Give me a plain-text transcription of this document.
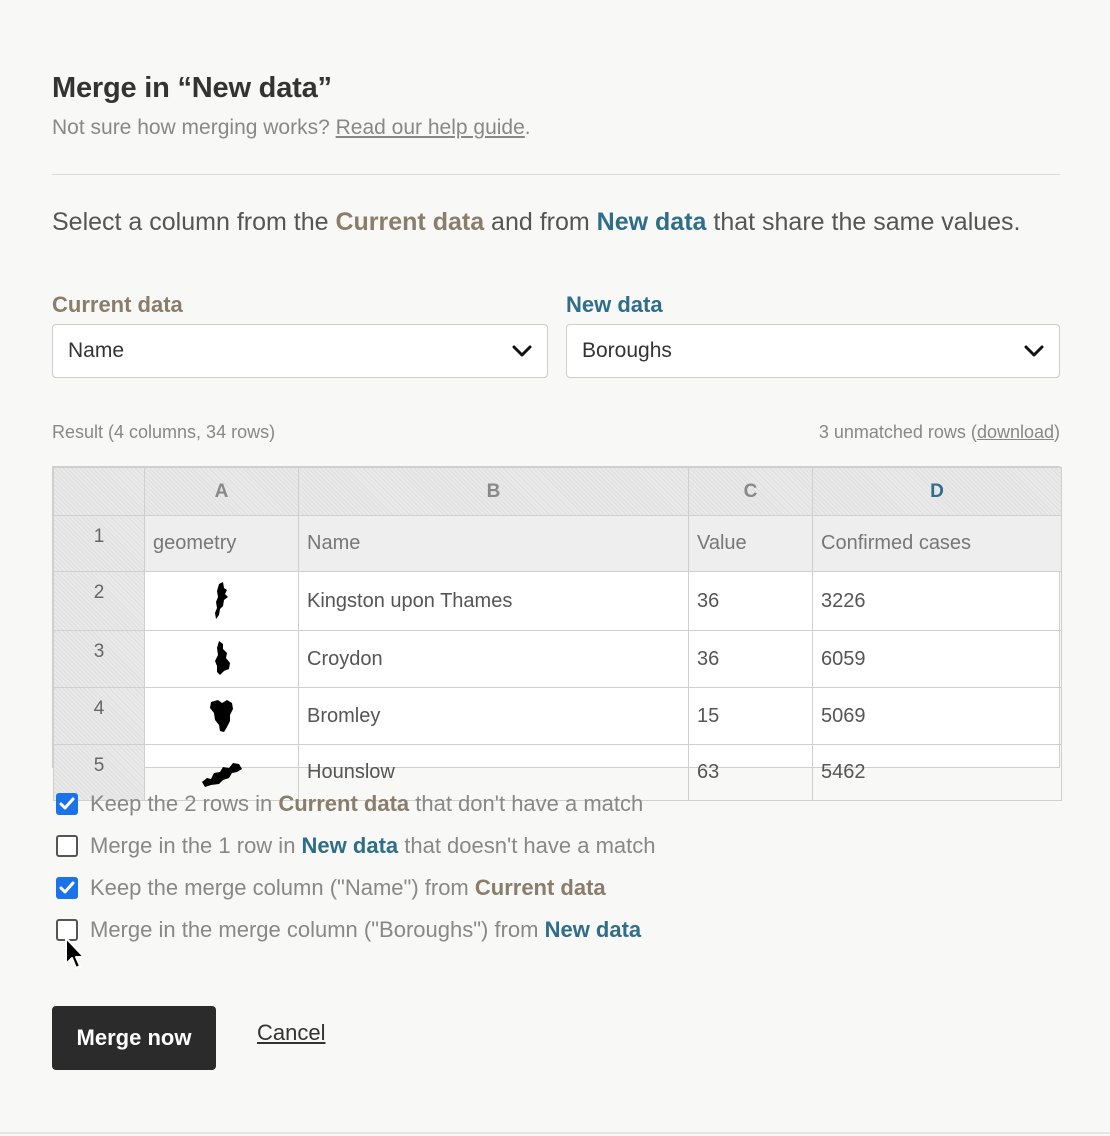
Merge in “New data”

Not sure how merging works? Read our help guide.

Select a column from the Current data and from New data that share the same values.

Current data	New data
Name	Boroughs
Result (4 columns, 34 rows)	3 unmatched rows (download)
	A	B	C	D
1	geometry	Name	Value	Confirmed cases
2		Kingston upon Thames	36	3226
3		Croydon	36	6059
4		Bromley	15	5069
5		Hounslow	63	5462
Keep the 2 rows in Current data that don't have a match
Merge in the 1 row in New data that doesn't have a match
Keep the merge column ("Name") from Current data
Merge in the merge column ("Boroughs") from New data
Merge now	Cancel
